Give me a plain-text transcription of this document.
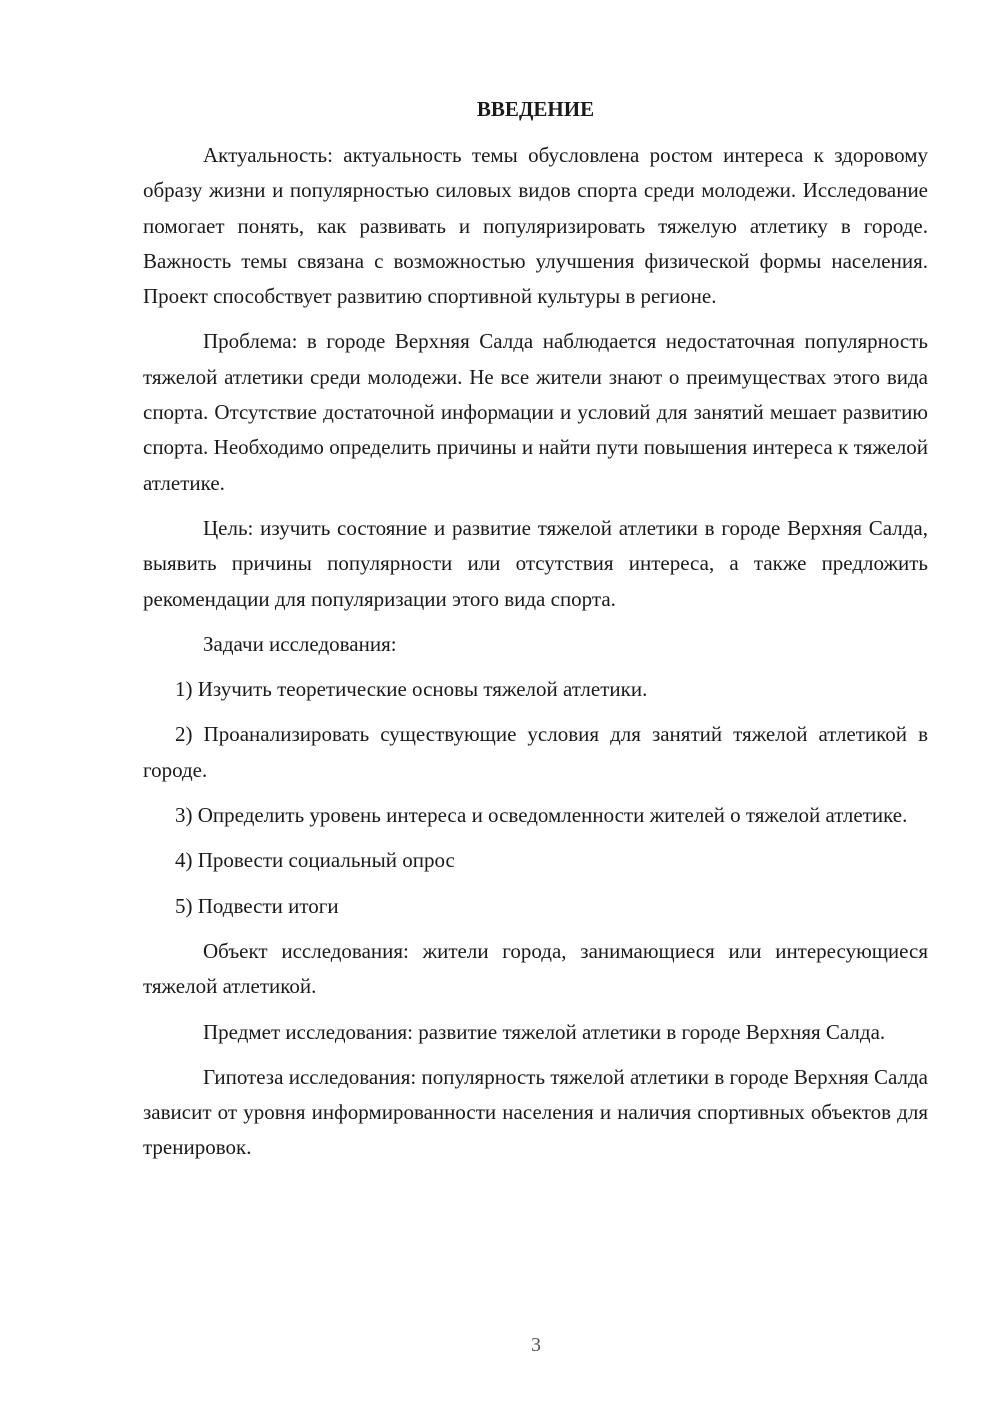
ВВЕДЕНИЕ

Актуальность: актуальность темы обусловлена ростом интереса к здоровому образу жизни и популярностью силовых видов спорта среди молодежи. Исследование помогает понять, как развивать и популяризировать тяжелую атлетику в городе. Важность темы связана с возможностью улучшения физической формы населения. Проект способствует развитию спортивной культуры в регионе.

Проблема: в городе Верхняя Салда наблюдается недостаточная популярность тяжелой атлетики среди молодежи. Не все жители знают о преимуществах этого вида спорта. Отсутствие достаточной информации и условий для занятий мешает развитию спорта. Необходимо определить причины и найти пути повышения интереса к тяжелой атлетике.

Цель: изучить состояние и развитие тяжелой атлетики в городе Верхняя Салда, выявить причины популярности или отсутствия интереса, а также предложить рекомендации для популяризации этого вида спорта.

Задачи исследования:

1) Изучить теоретические основы тяжелой атлетики.

2) Проанализировать существующие условия для занятий тяжелой атлетикой в городе.

3) Определить уровень интереса и осведомленности жителей о тяжелой атлетике.

4) Провести социальный опрос

5) Подвести итоги

Объект исследования: жители города, занимающиеся или интересующиеся тяжелой атлетикой.

Предмет исследования: развитие тяжелой атлетики в городе Верхняя Салда.

Гипотеза исследования: популярность тяжелой атлетики в городе Верхняя Салда зависит от уровня информированности населения и наличия спортивных объектов для тренировок.

3
